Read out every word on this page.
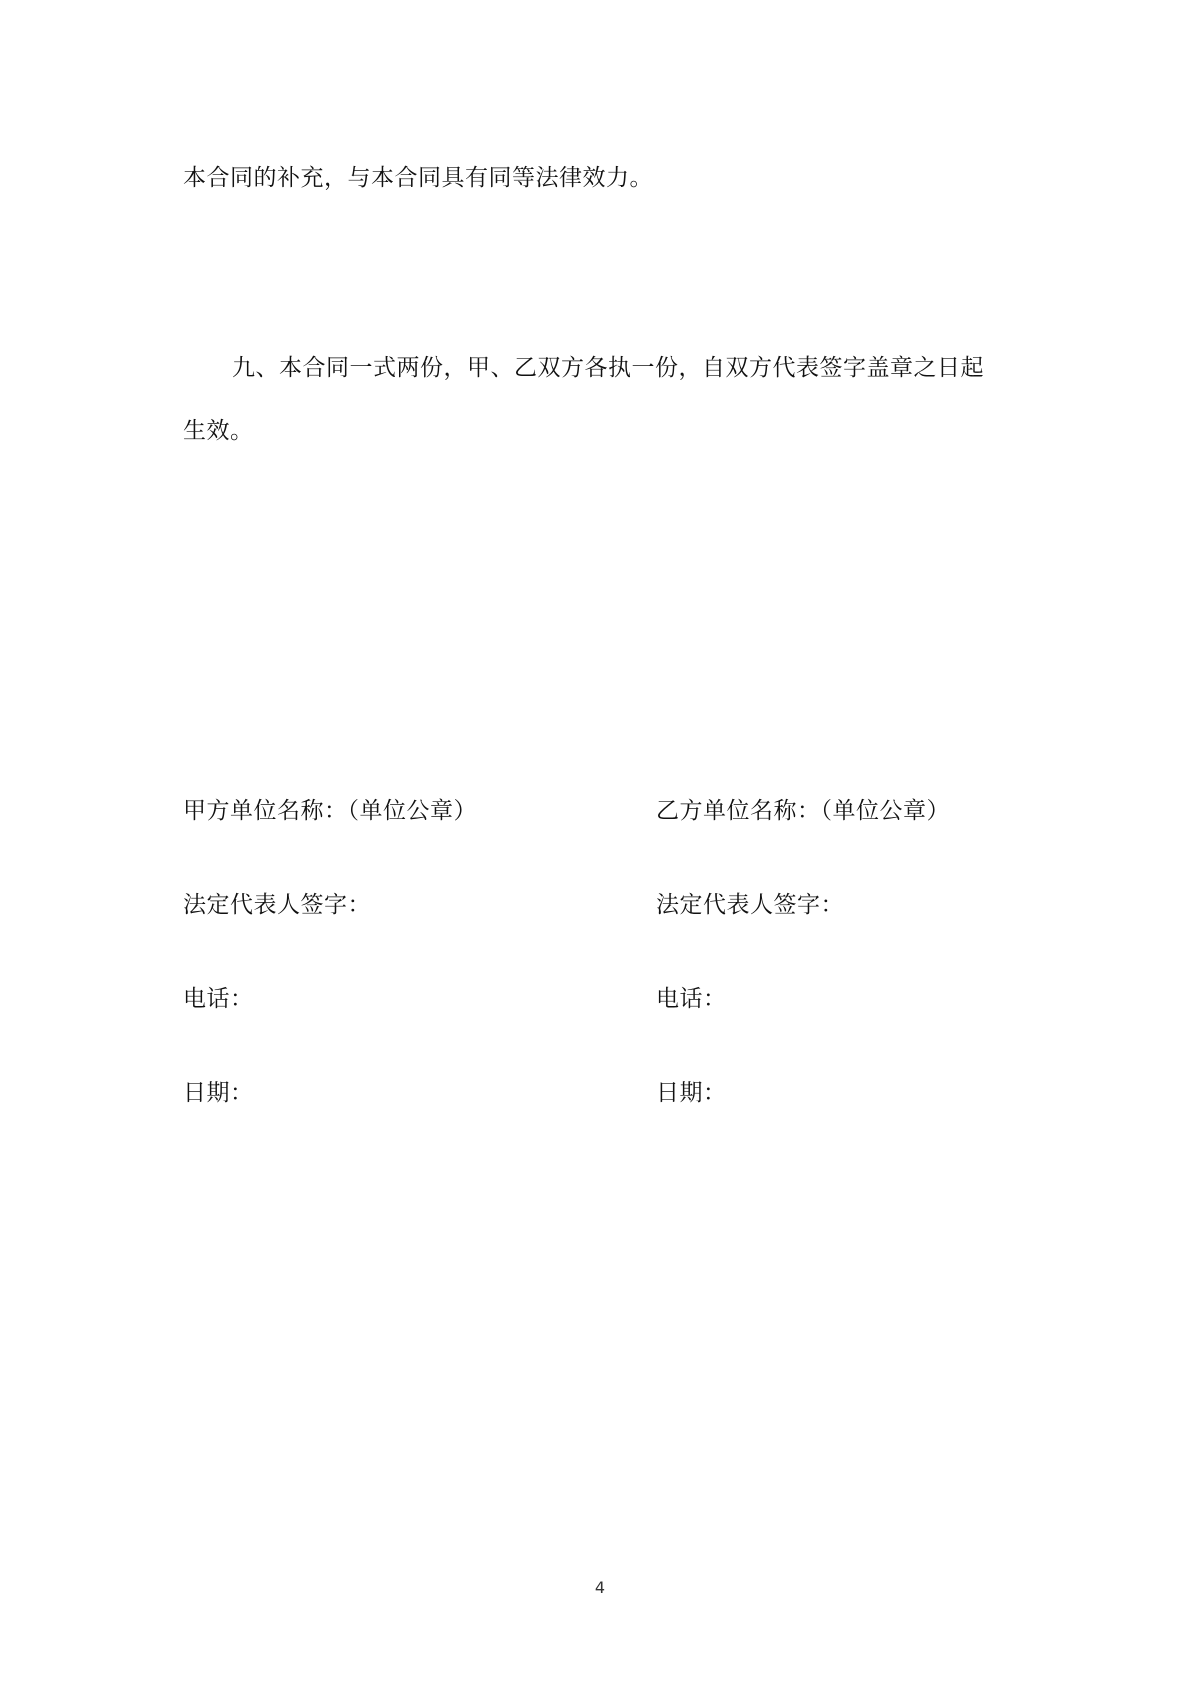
本合同的补充，与本合同具有同等法律效力。
九、本合同一式两份，甲、乙双方各执一份，自双方代表签字盖章之日起
生效。
甲方单位名称：（单位公章）
法定代表人签字：
电话：
日期：
乙方单位名称：（单位公章）
法定代表人签字：
电话：
日期：
4
